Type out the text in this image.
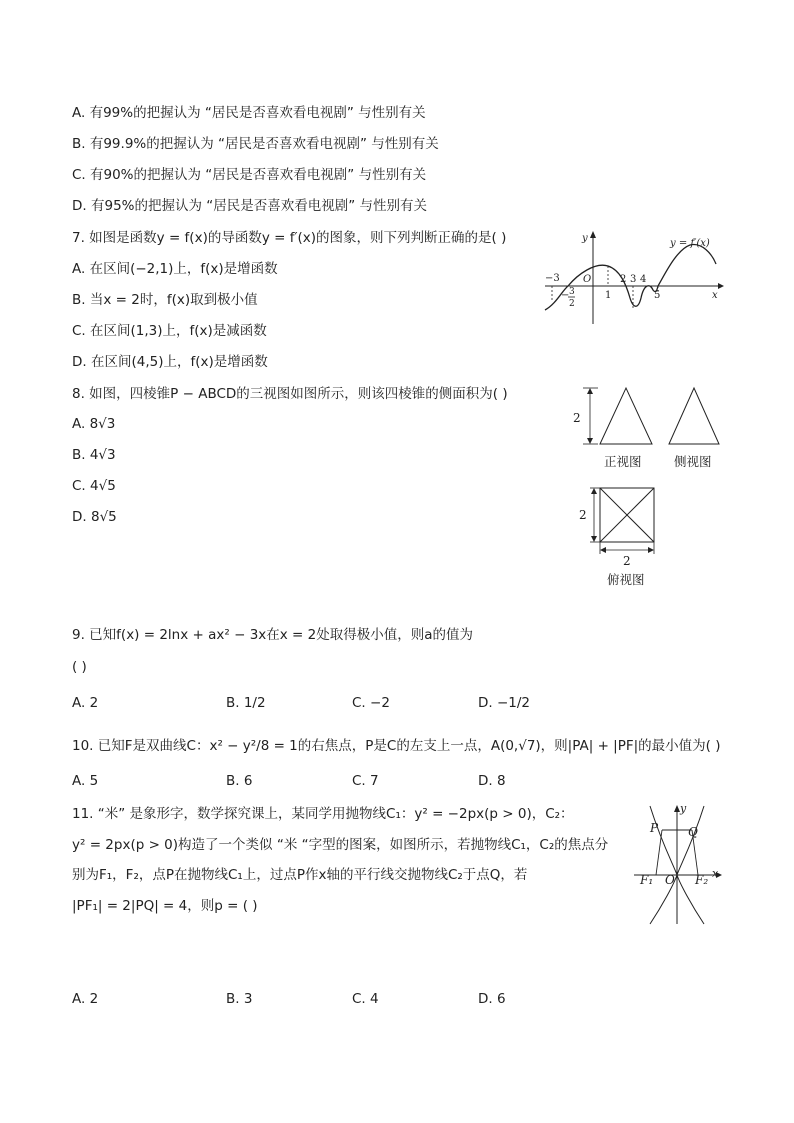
A. 有99%的把握认为 “居民是否喜欢看电视剧” 与性别有关
B. 有99.9%的把握认为 “居民是否喜欢看电视剧” 与性别有关
C. 有90%的把握认为 “居民是否喜欢看电视剧” 与性别有关
D. 有95%的把握认为 “居民是否喜欢看电视剧” 与性别有关
7. 如图是函数y = f(x)的导函数y = f′(x)的图象，则下列判断正确的是( )
A. 在区间(−2,1)上，f(x)是增函数
B. 当x = 2时，f(x)取到极小值
C. 在区间(1,3)上，f(x)是减函数
D. 在区间(4,5)上，f(x)是增函数
y = f′(x)
y
x
O
−3
− 3
2
1
2 3 4
5
8. 如图，四棱锥P − ABCD的三视图如图所示，则该四棱锥的侧面积为( )
A. 8√3
B. 4√3
C. 4√5
D. 8√5
2
2
2
正视图	侧视图
俯视图
9. 已知f(x) = 2lnx + ax² − 3x在x = 2处取得极小值，则a的值为
( )
A. 2	B. 1/2	C. −2	D. −1/2
10. 已知F是双曲线C：x² − y²/8 = 1的右焦点，P是C的左支上一点，A(0,√7)，则|PA| + |PF|的最小值为( )
A. 5	B. 6	C. 7	D. 8
11. “米” 是象形字，数学探究课上，某同学用抛物线C₁：y² = −2px(p > 0)，C₂：
y² = 2px(p > 0)构造了一个类似 “米 “字型的图案，如图所示，若抛物线C₁，C₂的焦点分
别为F₁，F₂，点P在抛物线C₁上，过点P作x轴的平行线交抛物线C₂于点Q，若
|PF₁| = 2|PQ| = 4，则p = ( )
P Q
y
x
F₁	F₂
O
A. 2	B. 3	C. 4	D. 6
